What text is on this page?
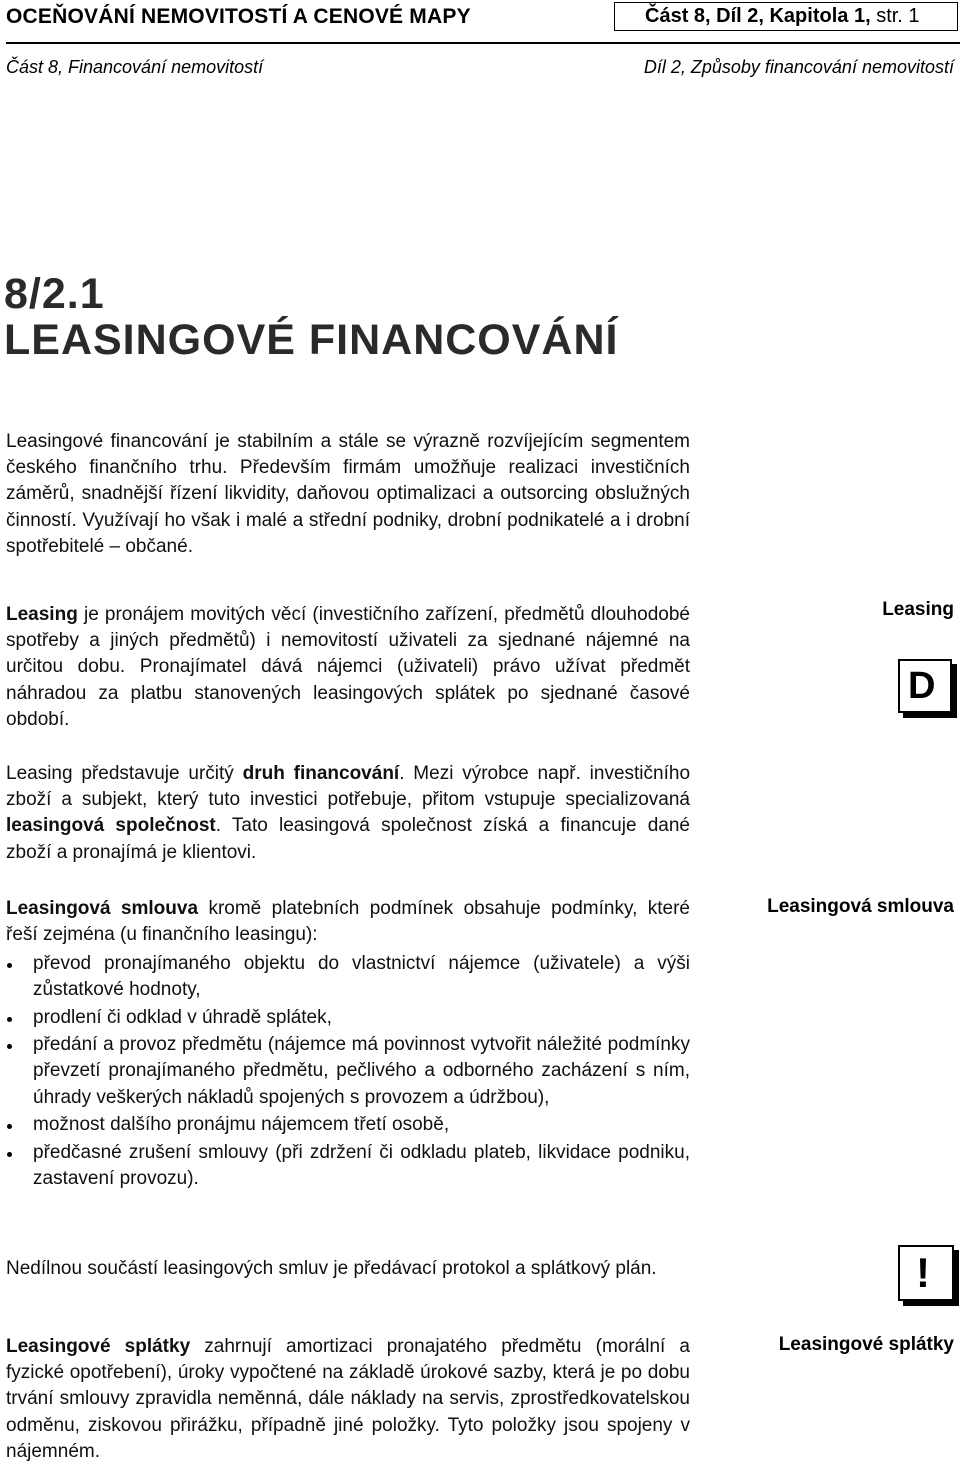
OCEŇOVÁNÍ NEMOVITOSTÍ A CENOVÉ MAPY	Část 8, Díl 2, Kapitola 1, str. 1
Část 8, Financování nemovitostí	Díl 2, Způsoby financování nemovitostí
8/2.1
LEASINGOVÉ FINANCOVÁNÍ

Leasingové financování je stabilním a stále se výrazně rozvíjejícím segmentem českého finančního trhu. Především firmám umožňuje realizaci investičních záměrů, snadnější řízení likvidity, daňovou optimalizaci a outsorcing obslužných činností. Využívají ho však i malé a střední podniky, drobní podnikatelé a i drobní spotřebitelé – občané.

Leasing je pronájem movitých věcí (investičního zařízení, předmětů dlouhodobé spotřeby a jiných předmětů) i nemovitostí uživateli za sjednané nájemné na určitou dobu. Pronajímatel dává nájemci (uživateli) právo užívat předmět náhradou za platbu stanovených leasingových splátek po sjednané časové období.

Leasing představuje určitý druh financování. Mezi výrobce např. investičního zboží a subjekt, který tuto investici potřebuje, přitom vstupuje specializovaná leasingová společnost. Tato leasingová společnost získá a financuje dané zboží a pronajímá je klientovi.

Leasingová smlouva kromě platebních podmínek obsahuje podmínky, které řeší zejména (u finančního leasingu):

převod pronajímaného objektu do vlastnictví nájemce (uživatele) a výši zůstatkové hodnoty,
prodlení či odklad v úhradě splátek,
předání a provoz předmětu (nájemce má povinnost vytvořit náležité podmínky převzetí pronajímaného předmětu, pečlivého a odborného zacházení s ním, úhrady veškerých nákladů spojených s provozem a údržbou),
možnost dalšího pronájmu nájemcem třetí osobě,
předčasné zrušení smlouvy (při zdržení či odkladu plateb, likvidace podniku, zastavení provozu).

Nedílnou součástí leasingových smluv je předávací protokol a splátkový plán.

Leasingové splátky zahrnují amortizaci pronajatého předmětu (morální a fyzické opotřebení), úroky vypočtené na základě úrokové sazby, která je po dobu trvání smlouvy zpravidla neměnná, dále náklady na servis, zprostředkovatelskou odměnu, ziskovou přirážku, případně jiné položky. Tyto položky jsou spojeny v nájemném.

Leasing
D
Leasingová smlouva
!
Leasingové splátky
